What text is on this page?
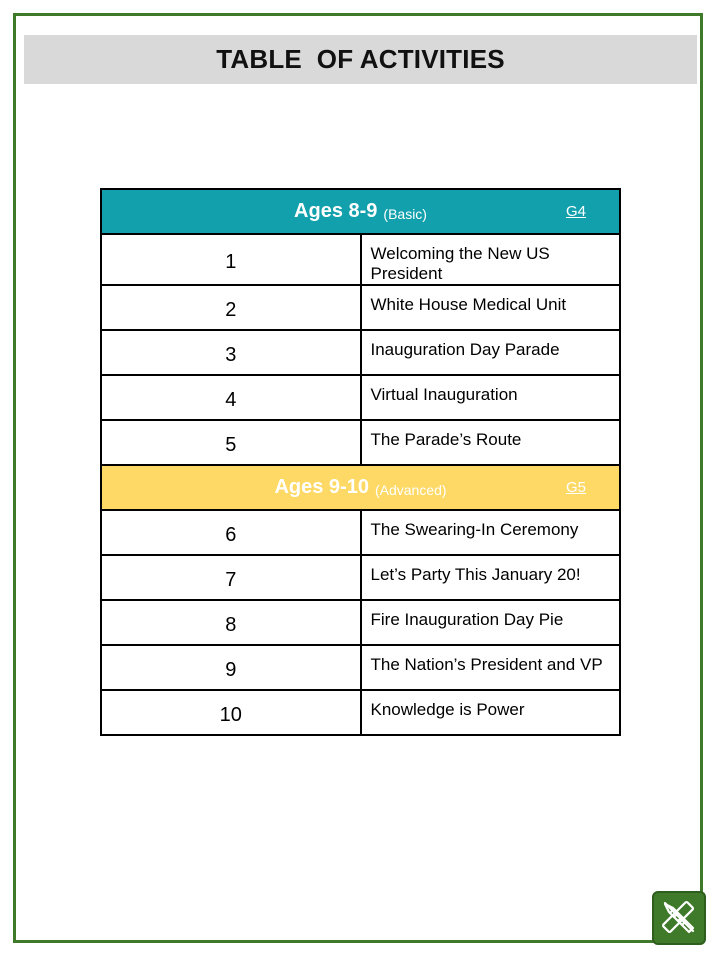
TABLE  OF ACTIVITIES
Ages 8-9 (Basic) G4	

1	Welcoming the New US President

2	White House Medical Unit

3	Inauguration Day Parade

4	Virtual Inauguration

5	The Parade’s Route

Ages 9-10 (Advanced) G5	

6	The Swearing-In Ceremony

7	Let’s Party This January 20!

8	Fire Inauguration Day Pie

9	The Nation’s President and VP

10	Knowledge is Power
